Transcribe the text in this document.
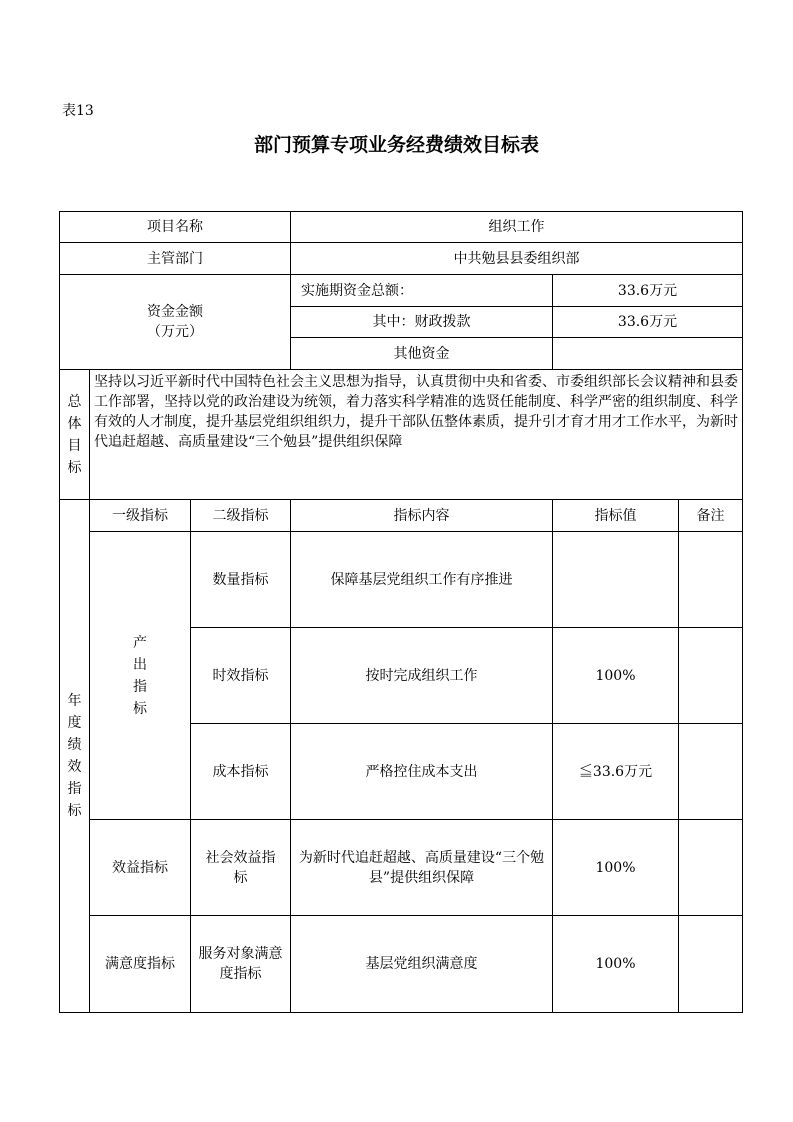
表13
部门预算专项业务经费绩效目标表
项目名称			组织工作		
主管部门			中共勉县县委组织部		

资金金额
（万元）			实施期资金总额：	33.6万元	
			其中：财政拨款	33.6万元	
			其他资金		
总体目标	坚持以习近平新时代中国特色社会主义思想为指导，认真贯彻中央和省委、市委组织部长会议精神和县委工作部署，坚持以党的政治建设为统领，着力落实科学精准的选贤任能制度、科学严密的组织制度、科学有效的人才制度，提升基层党组织组织力，提升干部队伍整体素质，提升引才育才用才工作水平，为新时代追赶超越、高质量建设“三个勉县”提供组织保障				
年度绩效指标	一级指标	二级指标	指标内容	指标值	备注
	产出指标	数量指标	保障基层党组织工作有序推进		
		时效指标	按时完成组织工作	100%	
		成本指标	严格控住成本支出	≦33.6万元	
	效益指标	社会效益指标	为新时代追赶超越、高质量建设“三个勉县”提供组织保障	100%	
	满意度指标	服务对象满意度指标	基层党组织满意度	100%	
